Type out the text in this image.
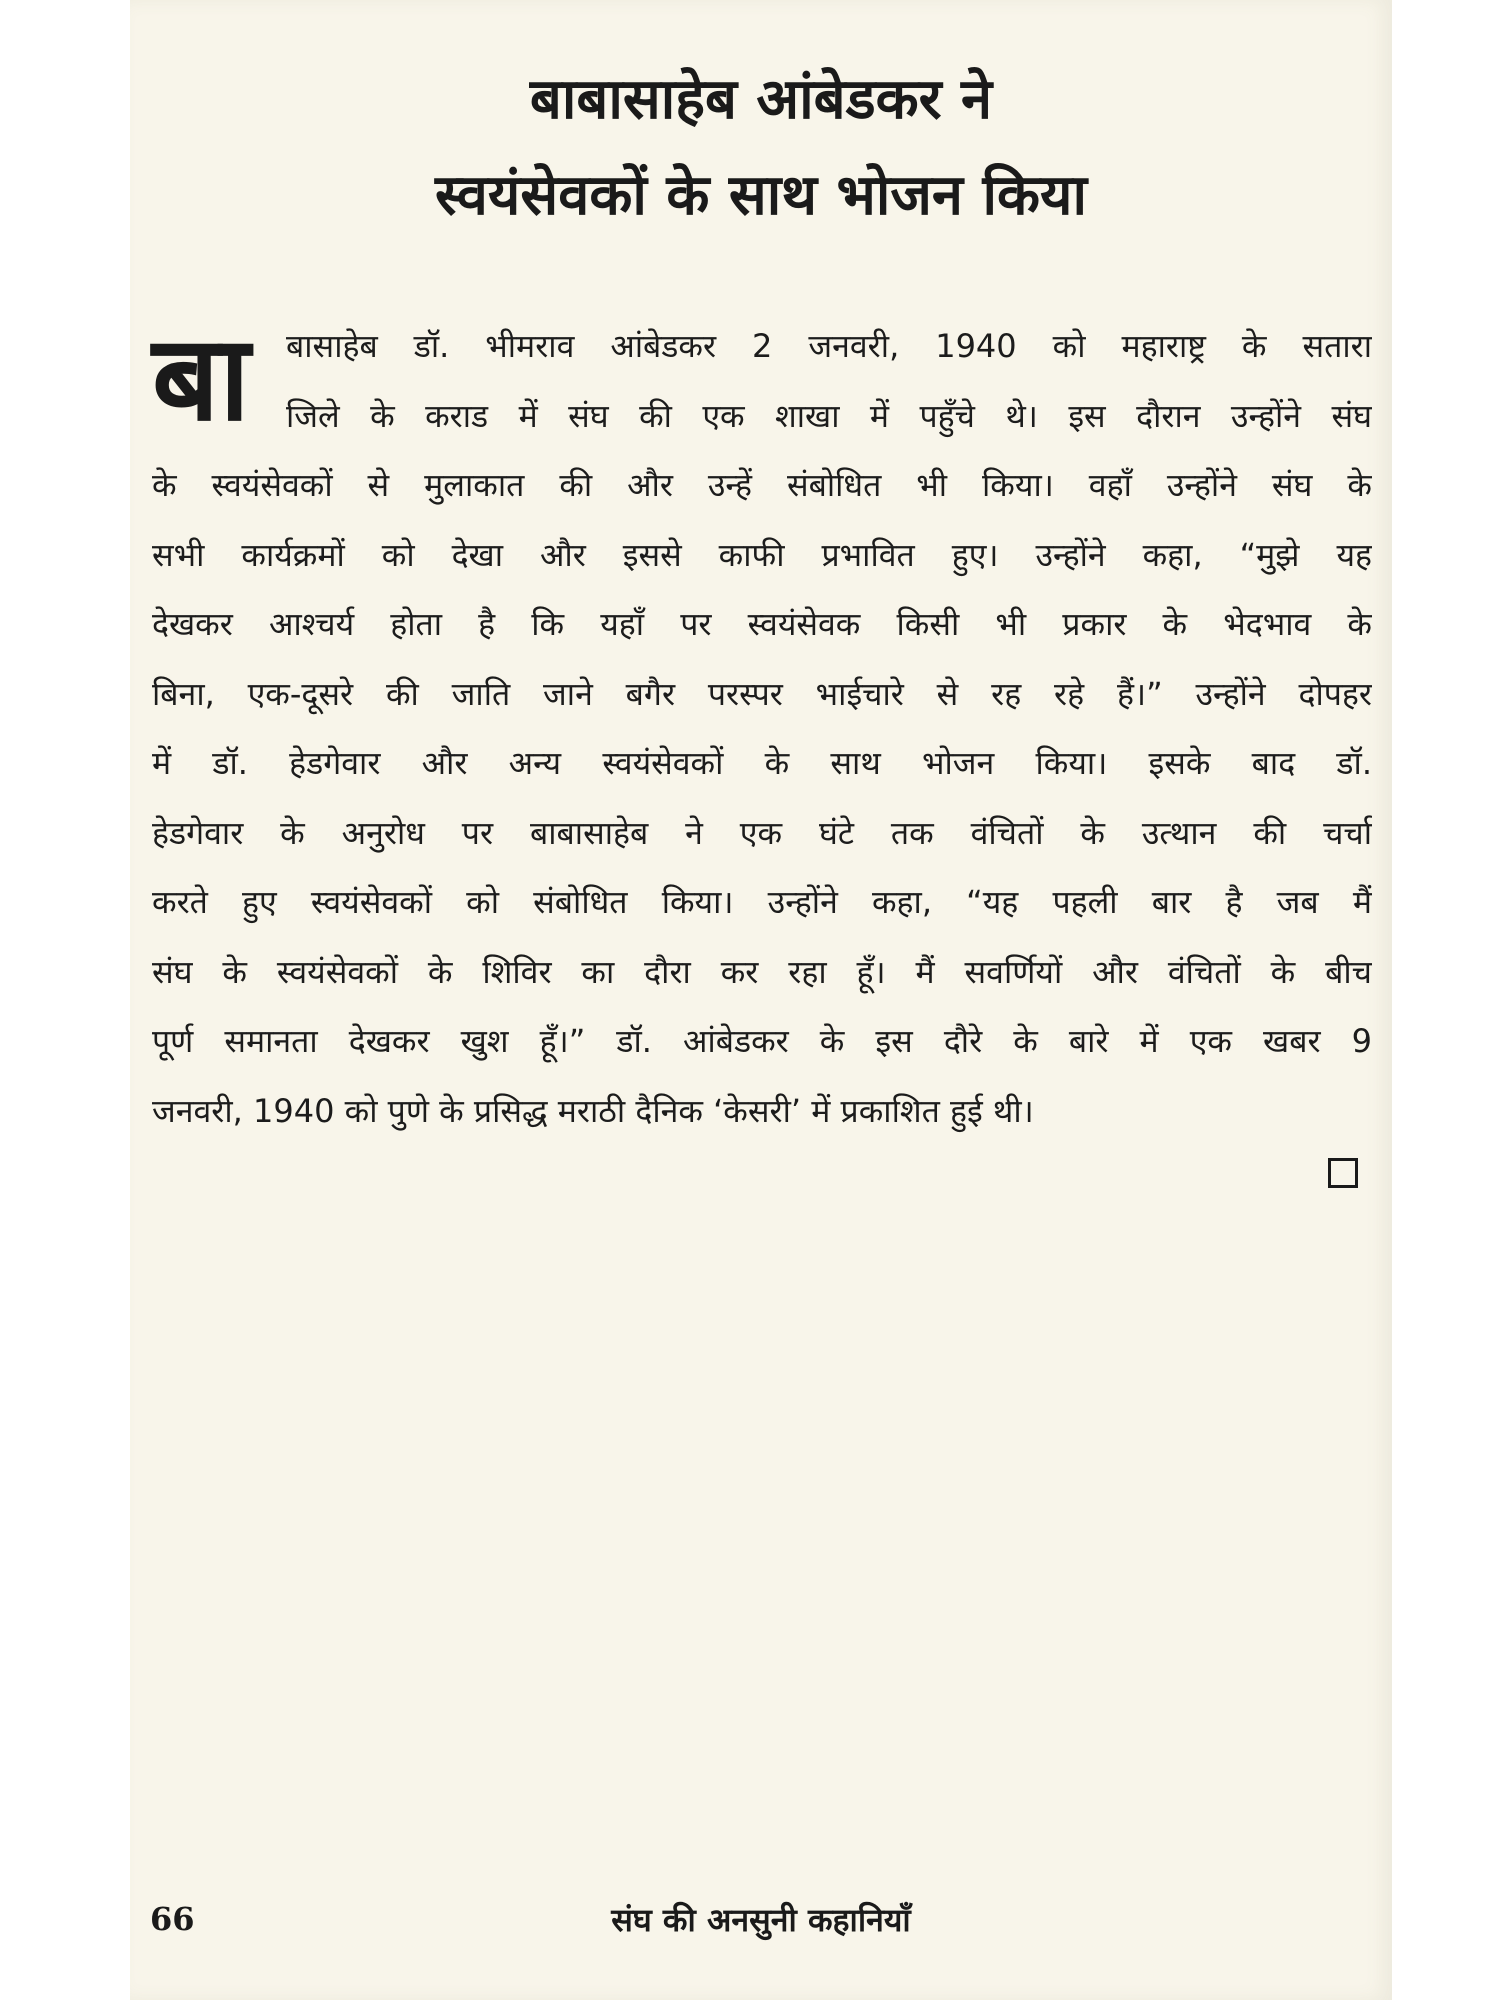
बाबासाहेब आंबेडकर ने
स्वयंसेवकों के साथ भोजन किया
बा	बासाहेब डॉ. भीमराव आंबेडकर 2 जनवरी, 1940 को महाराष्ट्र के सतारा
जिले के कराड में संघ की एक शाखा में पहुँचे थे। इस दौरान उन्होंने संघ
के स्वयंसेवकों से मुलाकात की और उन्हें संबोधित भी किया। वहाँ उन्होंने संघ के
सभी कार्यक्रमों को देखा और इससे काफी प्रभावित हुए। उन्होंने कहा, “मुझे यह
देखकर आश्चर्य होता है कि यहाँ पर स्वयंसेवक किसी भी प्रकार के भेदभाव के
बिना, एक-दूसरे की जाति जाने बगैर परस्पर भाईचारे से रह रहे हैं।” उन्होंने दोपहर
में डॉ. हेडगेवार और अन्य स्वयंसेवकों के साथ भोजन किया। इसके बाद डॉ.
हेडगेवार के अनुरोध पर बाबासाहेब ने एक घंटे तक वंचितों के उत्थान की चर्चा
करते हुए स्वयंसेवकों को संबोधित किया। उन्होंने कहा, “यह पहली बार है जब मैं
संघ के स्वयंसेवकों के शिविर का दौरा कर रहा हूँ। मैं सवर्णियों और वंचितों के बीच
पूर्ण समानता देखकर खुश हूँ।” डॉ. आंबेडकर के इस दौरे के बारे में एक खबर 9
जनवरी, 1940 को पुणे के प्रसिद्ध मराठी दैनिक ‘केसरी’ में प्रकाशित हुई थी।
66	संघ की अनसुनी कहानियाँ
